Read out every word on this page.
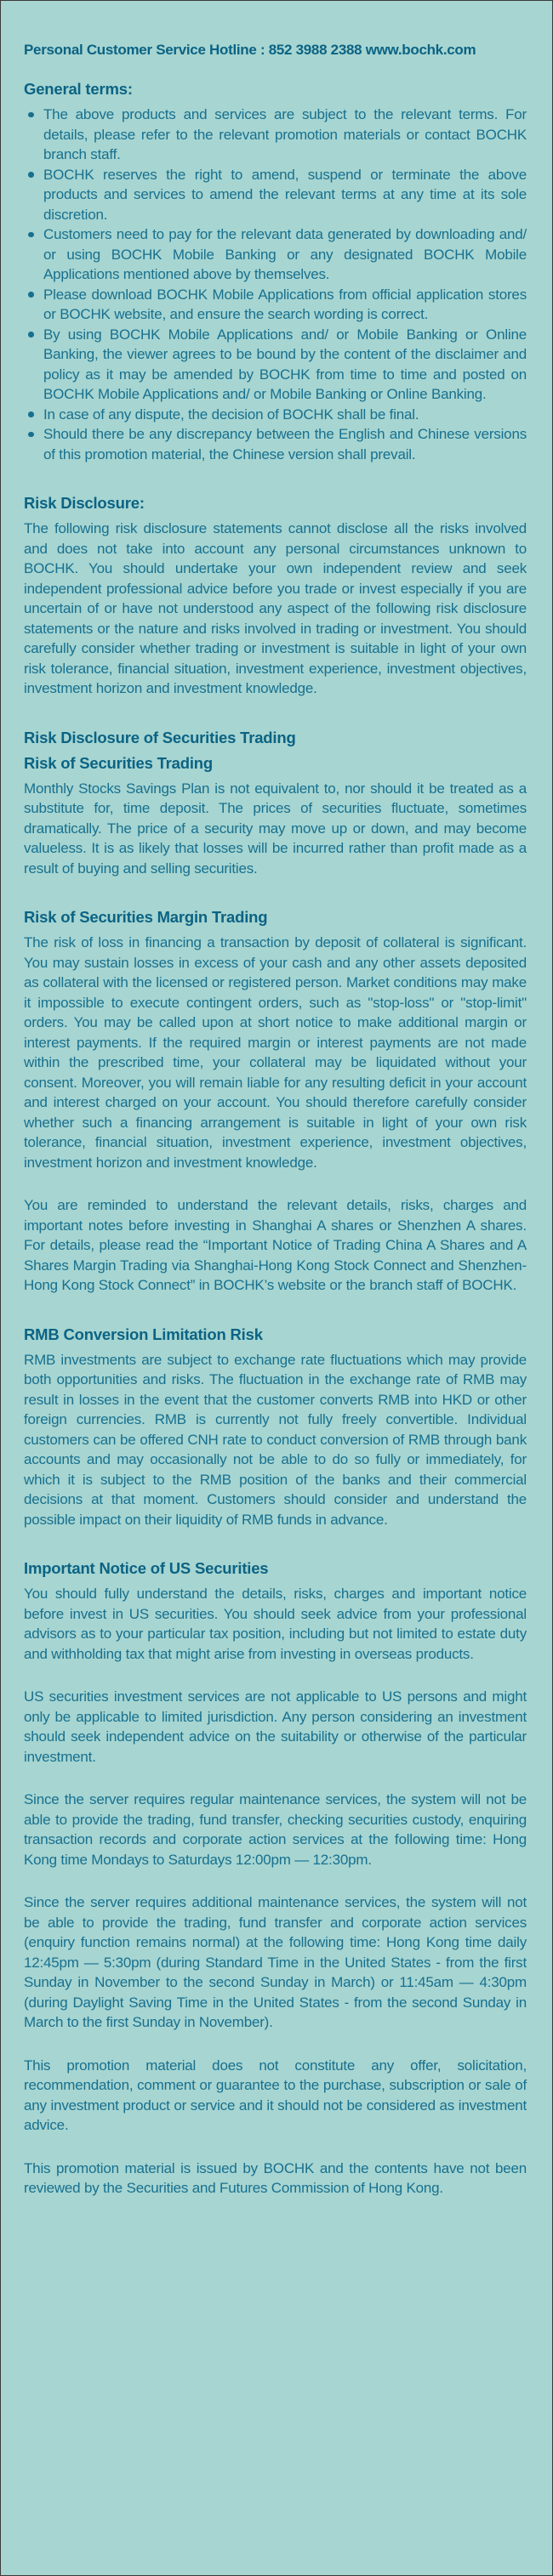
Personal Customer Service Hotline : 852 3988 2388 www.bochk.com

General terms:
The above products and services are subject to the relevant terms. For details, please refer to the relevant promotion materials or contact BOCHK branch staff.
BOCHK reserves the right to amend, suspend or terminate the above products and services to amend the relevant terms at any time at its sole discretion.
Customers need to pay for the relevant data generated by downloading and/ or using BOCHK Mobile Banking or any designated BOCHK Mobile Applications mentioned above by themselves.
Please download BOCHK Mobile Applications from official application stores or BOCHK website, and ensure the search wording is correct.
By using BOCHK Mobile Applications and/ or Mobile Banking or Online Banking, the viewer agrees to be bound by the content of the disclaimer and policy as it may be amended by BOCHK from time to time and posted on BOCHK Mobile Applications and/ or Mobile Banking or Online Banking.
In case of any dispute, the decision of BOCHK shall be final.
Should there be any discrepancy between the English and Chinese versions of this promotion material, the Chinese version shall prevail.
Risk Disclosure:

The following risk disclosure statements cannot disclose all the risks involved and does not take into account any personal circumstances unknown to BOCHK. You should undertake your own independent review and seek independent professional advice before you trade or invest especially if you are uncertain of or have not understood any aspect of the following risk disclosure statements or the nature and risks involved in trading or investment. You should carefully consider whether trading or investment is suitable in light of your own risk tolerance, financial situation, investment experience, investment objectives, investment horizon and investment knowledge.

Risk Disclosure of Securities Trading
Risk of Securities Trading

Monthly Stocks Savings Plan is not equivalent to, nor should it be treated as a substitute for, time deposit. The prices of securities fluctuate, sometimes dramatically. The price of a security may move up or down, and may become valueless. It is as likely that losses will be incurred rather than profit made as a result of buying and selling securities.

Risk of Securities Margin Trading

The risk of loss in financing a transaction by deposit of collateral is significant. You may sustain losses in excess of your cash and any other assets deposited as collateral with the licensed or registered person. Market conditions may make it impossible to execute contingent orders, such as "stop-loss" or "stop-limit" orders. You may be called upon at short notice to make additional margin or interest payments. If the required margin or interest payments are not made within the prescribed time, your collateral may be liquidated without your consent. Moreover, you will remain liable for any resulting deficit in your account and interest charged on your account. You should therefore carefully consider whether such a financing arrangement is suitable in light of your own risk tolerance, financial situation, investment experience, investment objectives, investment horizon and investment knowledge.

You are reminded to understand the relevant details, risks, charges and important notes before investing in Shanghai A shares or Shenzhen A shares. For details, please read the “Important Notice of Trading China A Shares and A Shares Margin Trading via Shanghai-Hong Kong Stock Connect and Shenzhen-Hong Kong Stock Connect” in BOCHK’s website or the branch staff of BOCHK.

RMB Conversion Limitation Risk

RMB investments are subject to exchange rate fluctuations which may provide both opportunities and risks. The fluctuation in the exchange rate of RMB may result in losses in the event that the customer converts RMB into HKD or other foreign currencies. RMB is currently not fully freely convertible. Individual customers can be offered CNH rate to conduct conversion of RMB through bank accounts and may occasionally not be able to do so fully or immediately, for which it is subject to the RMB position of the banks and their commercial decisions at that moment. Customers should consider and understand the possible impact on their liquidity of RMB funds in advance.

Important Notice of US Securities

You should fully understand the details, risks, charges and important notice before invest in US securities. You should seek advice from your professional advisors as to your particular tax position, including but not limited to estate duty and withholding tax that might arise from investing in overseas products.

US securities investment services are not applicable to US persons and might only be applicable to limited jurisdiction. Any person considering an investment should seek independent advice on the suitability or otherwise of the particular investment.

Since the server requires regular maintenance services, the system will not be able to provide the trading, fund transfer, checking securities custody, enquiring transaction records and corporate action services at the following time: Hong Kong time Mondays to Saturdays 12:00pm — 12:30pm.

Since the server requires additional maintenance services, the system will not be able to provide the trading, fund transfer and corporate action services (enquiry function remains normal) at the following time: Hong Kong time daily 12:45pm — 5:30pm (during Standard Time in the United States - from the first Sunday in November to the second Sunday in March) or 11:45am — 4:30pm (during Daylight Saving Time in the United States - from the second Sunday in March to the first Sunday in November).

This promotion material does not constitute any offer, solicitation, recommendation, comment or guarantee to the purchase, subscription or sale of any investment product or service and it should not be considered as investment advice.

This promotion material is issued by BOCHK and the contents have not been reviewed by the Securities and Futures Commission of Hong Kong.
